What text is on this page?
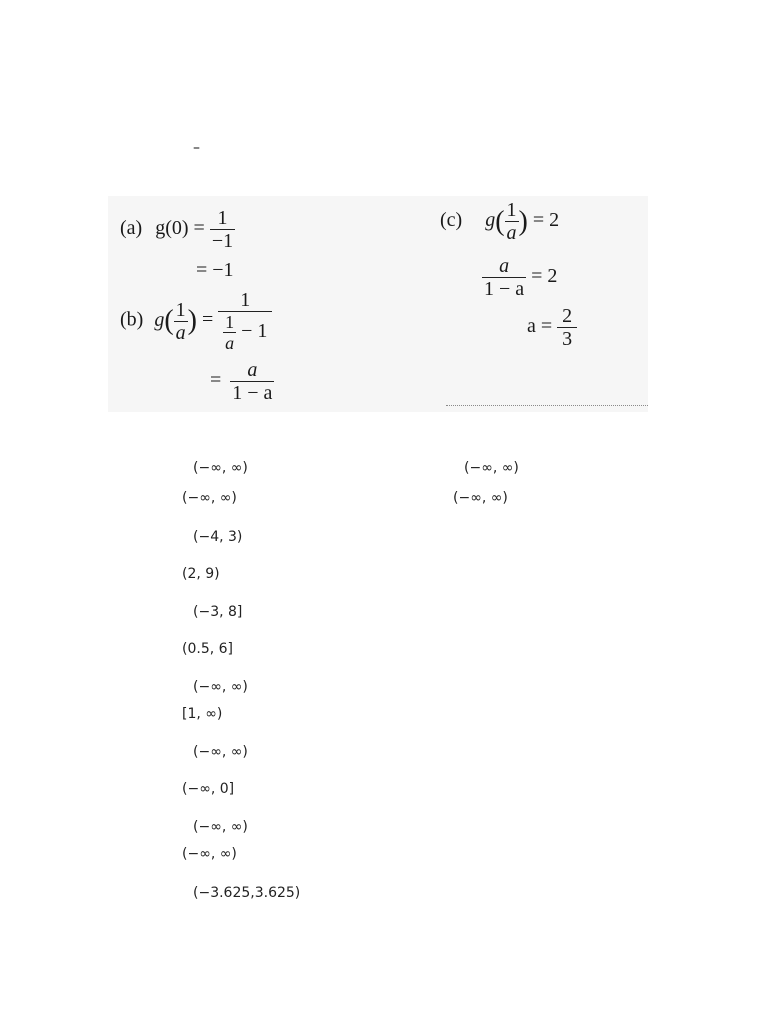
–
(a) $g(0) = \frac{1}{-1}$
= −1
(b) $g( \frac{1}{a}$ ) = $\frac{1}{\frac{1}{a} - 1}$
= $\frac{a}{1 - a}$
(c) $g( \frac{1}{a}$ ) = 2
$\frac{a}{1 - a} = 2$
$a = \frac{2}{3}$
(−∞, ∞)
(−∞, ∞)
(−4, 3)
(2, 9)
(−3, 8]
(0.5, 6]
(−∞, ∞)
[1, ∞)
(−∞, ∞)
(−∞, 0]
(−∞, ∞)
(−∞, ∞)
(−3.625,3.625)
(−∞, ∞)
(−∞, ∞)
